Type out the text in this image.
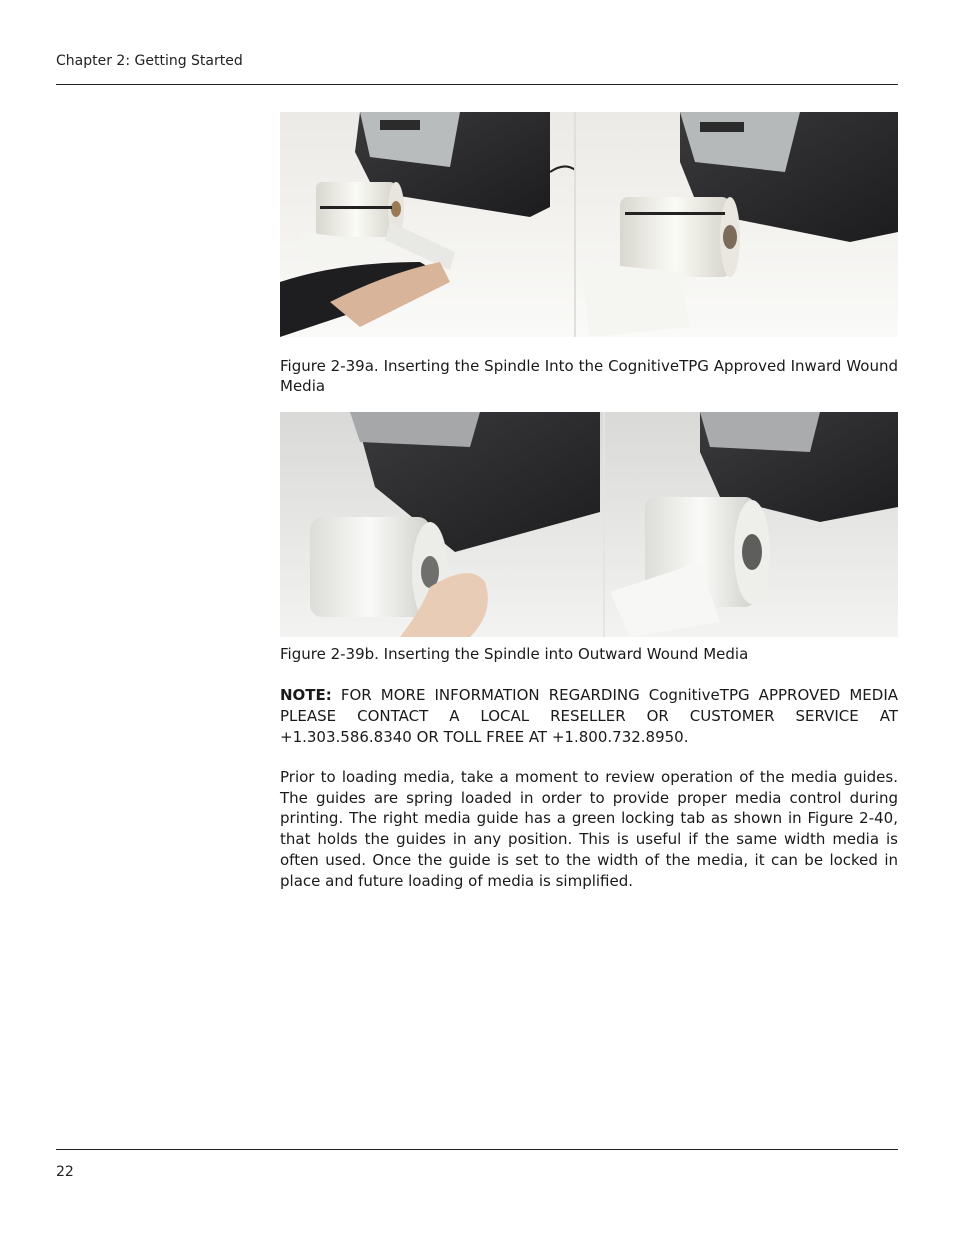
Chapter 2: Getting Started
Figure 2-39a. Inserting the Spindle Into the CognitiveTPG Approved Inward Wound Media
Figure 2-39b. Inserting the Spindle into Outward Wound Media
NOTE: FOR MORE INFORMATION REGARDING CognitiveTPG APPROVED MEDIA PLEASE CONTACT A LOCAL RESELLER OR CUSTOMER SERVICE AT +1.303.586.8340 OR TOLL FREE AT +1.800.732.8950.
Prior to loading media, take a moment to review operation of the media guides. The guides are spring loaded in order to provide proper media control during printing. The right media guide has a green locking tab as shown in Figure 2-40, that holds the guides in any position. This is useful if the same width media is often used. Once the guide is set to the width of the media, it can be locked in place and future loading of media is simplified.
22
